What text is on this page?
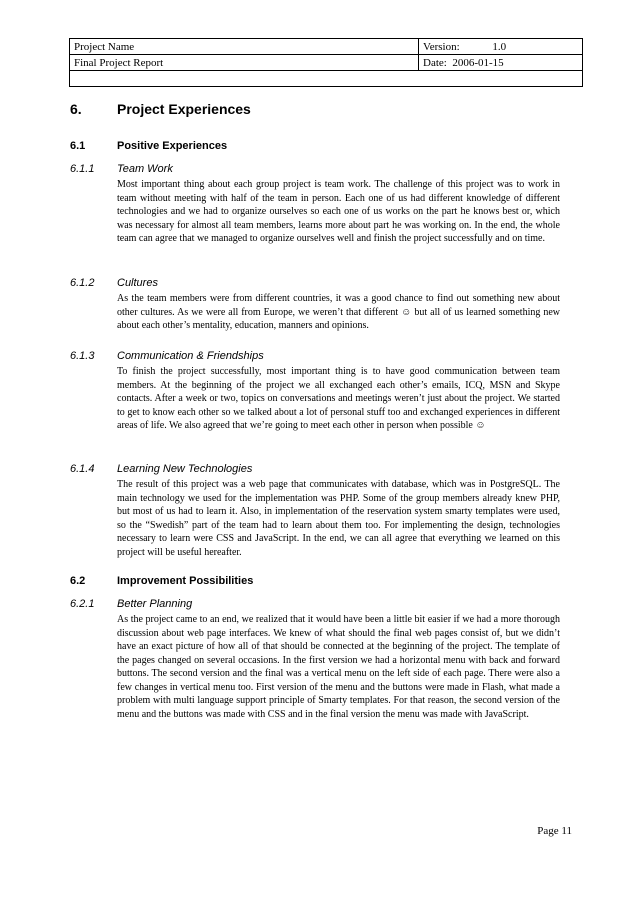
Project Name	Version: 1.0
Final Project Report	Date: 2006-01-15

6.	Project Experiences
6.1	Positive Experiences
6.1.1 Team Work

Most important thing about each group project is team work. The challenge of this project was to work in team without meeting with half of the team in person. Each one of us had different knowledge of different technologies and we had to organize ourselves so each one of us works on the part he knows best or, which was necessary for almost all team members, learns more about part he was working on. In the end, the whole team can agree that we managed to organize ourselves well and finish the project successfully and on time.

6.1.2 Cultures

As the team members were from different countries, it was a good chance to find out something new about other cultures. As we were all from Europe, we weren’t that different ☺ but all of us learned something new about each other’s mentality, education, manners and opinions.

6.1.3 Communication & Friendships

To finish the project successfully, most important thing is to have good communication between team members. At the beginning of the project we all exchanged each other’s emails, ICQ, MSN and Skype contacts. After a week or two, topics on conversations and meetings weren’t just about the project. We started to get to know each other so we talked about a lot of personal stuff too and exchanged experiences in different areas of life. We also agreed that we’re going to meet each other in person when possible ☺

6.1.4 Learning New Technologies

The result of this project was a web page that communicates with database, which was in PostgreSQL. The main technology we used for the implementation was PHP. Some of the group members already knew PHP, but most of us had to learn it. Also, in implementation of the reservation system smarty templates were used, so the “Swedish” part of the team had to learn about them too. For implementing the design, technologies necessary to learn were CSS and JavaScript. In the end, we can all agree that everything we learned on this project will be useful hereafter.

6.2	Improvement Possibilities
6.2.1 Better Planning

As the project came to an end, we realized that it would have been a little bit easier if we had a more thorough discussion about web page interfaces. We knew of what should the final web pages consist of, but we didn’t have an exact picture of how all of that should be connected at the beginning of the project. The template of the pages changed on several occasions. In the first version we had a horizontal menu with back and forward buttons. The second version and the final was a vertical menu on the left side of each page. There were also a few changes in vertical menu too. First version of the menu and the buttons were made in Flash, what made a problem with multi language support principle of Smarty templates. For that reason, the second version of the menu and the buttons was made with CSS and in the final version the menu was made with JavaScript.

Page 11
